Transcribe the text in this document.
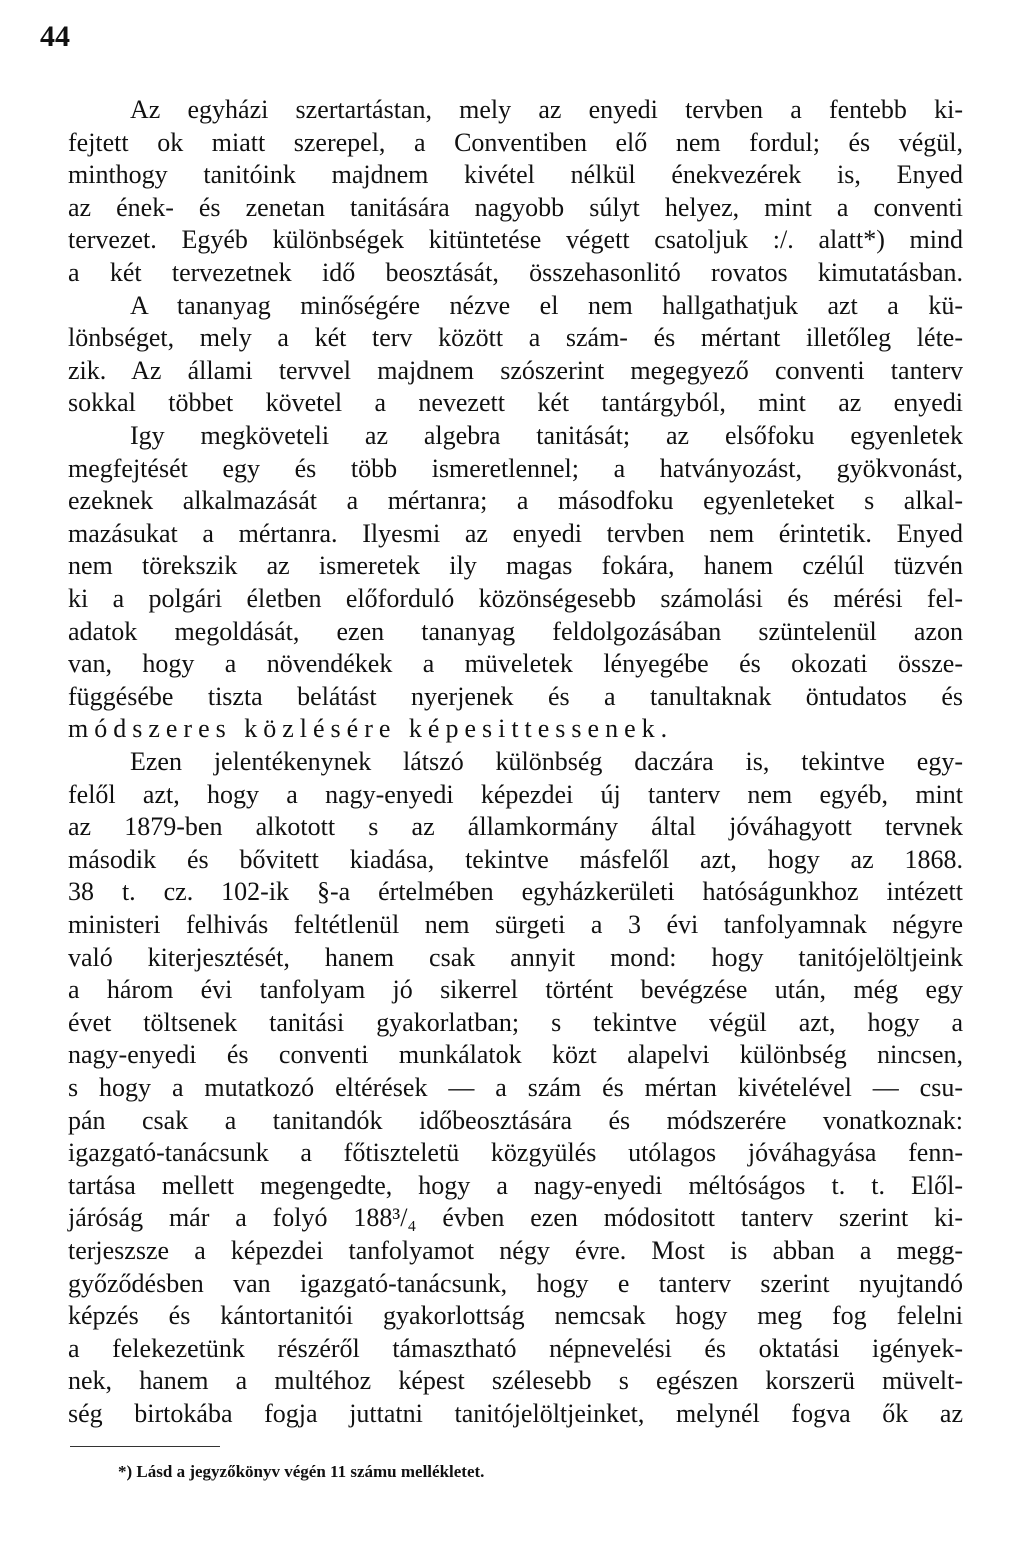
44
Az egyházi szertartástan, mely az enyedi tervben a fentebb ki-
fejtett ok miatt szerepel, a Conventiben elő nem fordul; és végül,
minthogy tanitóink majdnem kivétel nélkül énekvezérek is, Enyed
az ének- és zenetan tanitására nagyobb súlyt helyez, mint a conventi
tervezet. Egyéb különbségek kitüntetése végett csatoljuk :/. alatt*) mind
a két tervezetnek idő beosztását, összehasonlitó rovatos kimutatásban.
A tananyag minőségére nézve el nem hallgathatjuk azt a kü-
lönbséget, mely a két terv között a szám- és mértant illetőleg léte-
zik. Az állami tervvel majdnem szószerint megegyező conventi tanterv
sokkal többet követel a nevezett két tantárgyból, mint az enyedi
Igy megköveteli az algebra tanitását; az elsőfoku egyenletek
megfejtését egy és több ismeretlennel; a hatványozást, gyökvonást,
ezeknek alkalmazását a mértanra; a másodfoku egyenleteket s alkal-
mazásukat a mértanra. Ilyesmi az enyedi tervben nem érintetik. Enyed
nem törekszik az ismeretek ily magas fokára, hanem czélúl tüzvén
ki a polgári életben előforduló közönségesebb számolási és mérési fel-
adatok megoldását, ezen tananyag feldolgozásában szüntelenül azon
van, hogy a növendékek a müveletek lényegébe és okozati össze-
függésébe tiszta belátást nyerjenek és a tanultaknak öntudatos és
módszeres közlésére képesittessenek.
Ezen jelentékenynek látszó különbség daczára is, tekintve egy-
felől azt, hogy a nagy-enyedi képezdei új tanterv nem egyéb, mint
az 1879-ben alkotott s az államkormány által jóváhagyott tervnek
második és bővitett kiadása, tekintve másfelől azt, hogy az 1868.
38 t. cz. 102-ik §-a értelmében egyházkerületi hatóságunkhoz intézett
ministeri felhivás feltétlenül nem sürgeti a 3 évi tanfolyamnak négyre
való kiterjesztését, hanem csak annyit mond: hogy tanitójelöltjeink
a három évi tanfolyam jó sikerrel történt bevégzése után, még egy
évet töltsenek tanitási gyakorlatban; s tekintve végül azt, hogy a
nagy-enyedi és conventi munkálatok közt alapelvi különbség nincsen,
s hogy a mutatkozó eltérések — a szám és mértan kivételével — csu-
pán csak a tanitandók időbeosztására és módszerére vonatkoznak:
igazgató-tanácsunk a főtiszteletü közgyülés utólagos jóváhagyása fenn-
tartása mellett megengedte, hogy a nagy-enyedi méltóságos t. t. Elől-
járóság már a folyó 188³/₄ évben ezen módositott tanterv szerint ki-
terjeszsze a képezdei tanfolyamot négy évre. Most is abban a megg-
győződésben van igazgató-tanácsunk, hogy e tanterv szerint nyujtandó
képzés és kántortanitói gyakorlottság nemcsak hogy meg fog felelni
a felekezetünk részéről támasztható népnevelési és oktatási igények-
nek, hanem a multéhoz képest szélesebb s egészen korszerü müvelt-
ség birtokába fogja juttatni tanitójelöltjeinket, melynél fogva ők az
*) Lásd a jegyzőkönyv végén 11 számu mellékletet.
